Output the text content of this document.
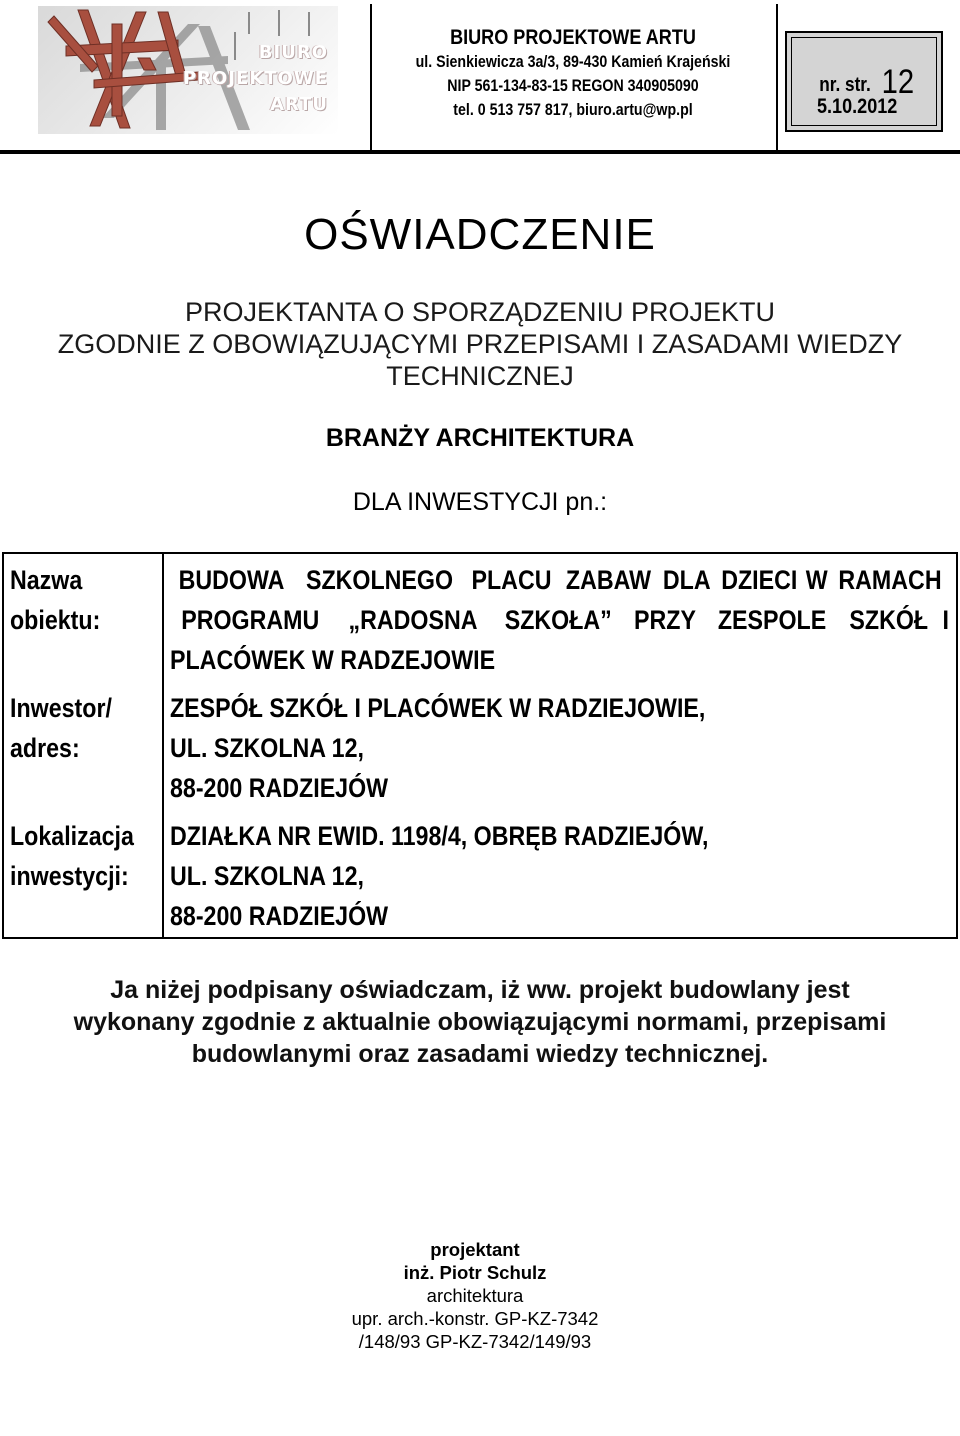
BIURO
PROJEKTOWE
ARTU
BIURO PROJEKTOWE ARTU
ul. Sienkiewicza 3a/3, 89-430 Kamień Krajeński
NIP 561-134-83-15 REGON 340905090
tel. 0 513 757 817, biuro.artu@wp.pl
nr. str. 12
5.10.2012
OŚWIADCZENIE
PROJEKTANTA O SPORZĄDZENIU PROJEKTU
ZGODNIE Z OBOWIĄZUJĄCYMI PRZEPISAMI I ZASADAMI WIEDZY
TECHNICZNEJ
BRANŻY ARCHITEKTURA
DLA INWESTYCJI pn.:
Nazwa
obiektu:
BUDOWA SZKOLNEGO PLACU ZABAW DLA DZIECI W RAMACH
PROGRAMU „RADOSNA SZKOŁA” PRZY ZESPOLE SZKÓŁ I
PLACÓWEK W RADZEJOWIE
Inwestor/
adres:
ZESPÓŁ SZKÓŁ I PLACÓWEK W RADZIEJOWIE,
UL. SZKOLNA 12,
88-200 RADZIEJÓW
Lokalizacja
inwestycji:
DZIAŁKA NR EWID. 1198/4, OBRĘB RADZIEJÓW,
UL. SZKOLNA 12,
88-200 RADZIEJÓW
Ja niżej podpisany oświadczam, iż ww. projekt budowlany jest
wykonany zgodnie z aktualnie obowiązującymi normami, przepisami
budowlanymi oraz zasadami wiedzy technicznej.
projektant
inż. Piotr Schulz
architektura
upr. arch.-konstr. GP-KZ-7342
/148/93 GP-KZ-7342/149/93
